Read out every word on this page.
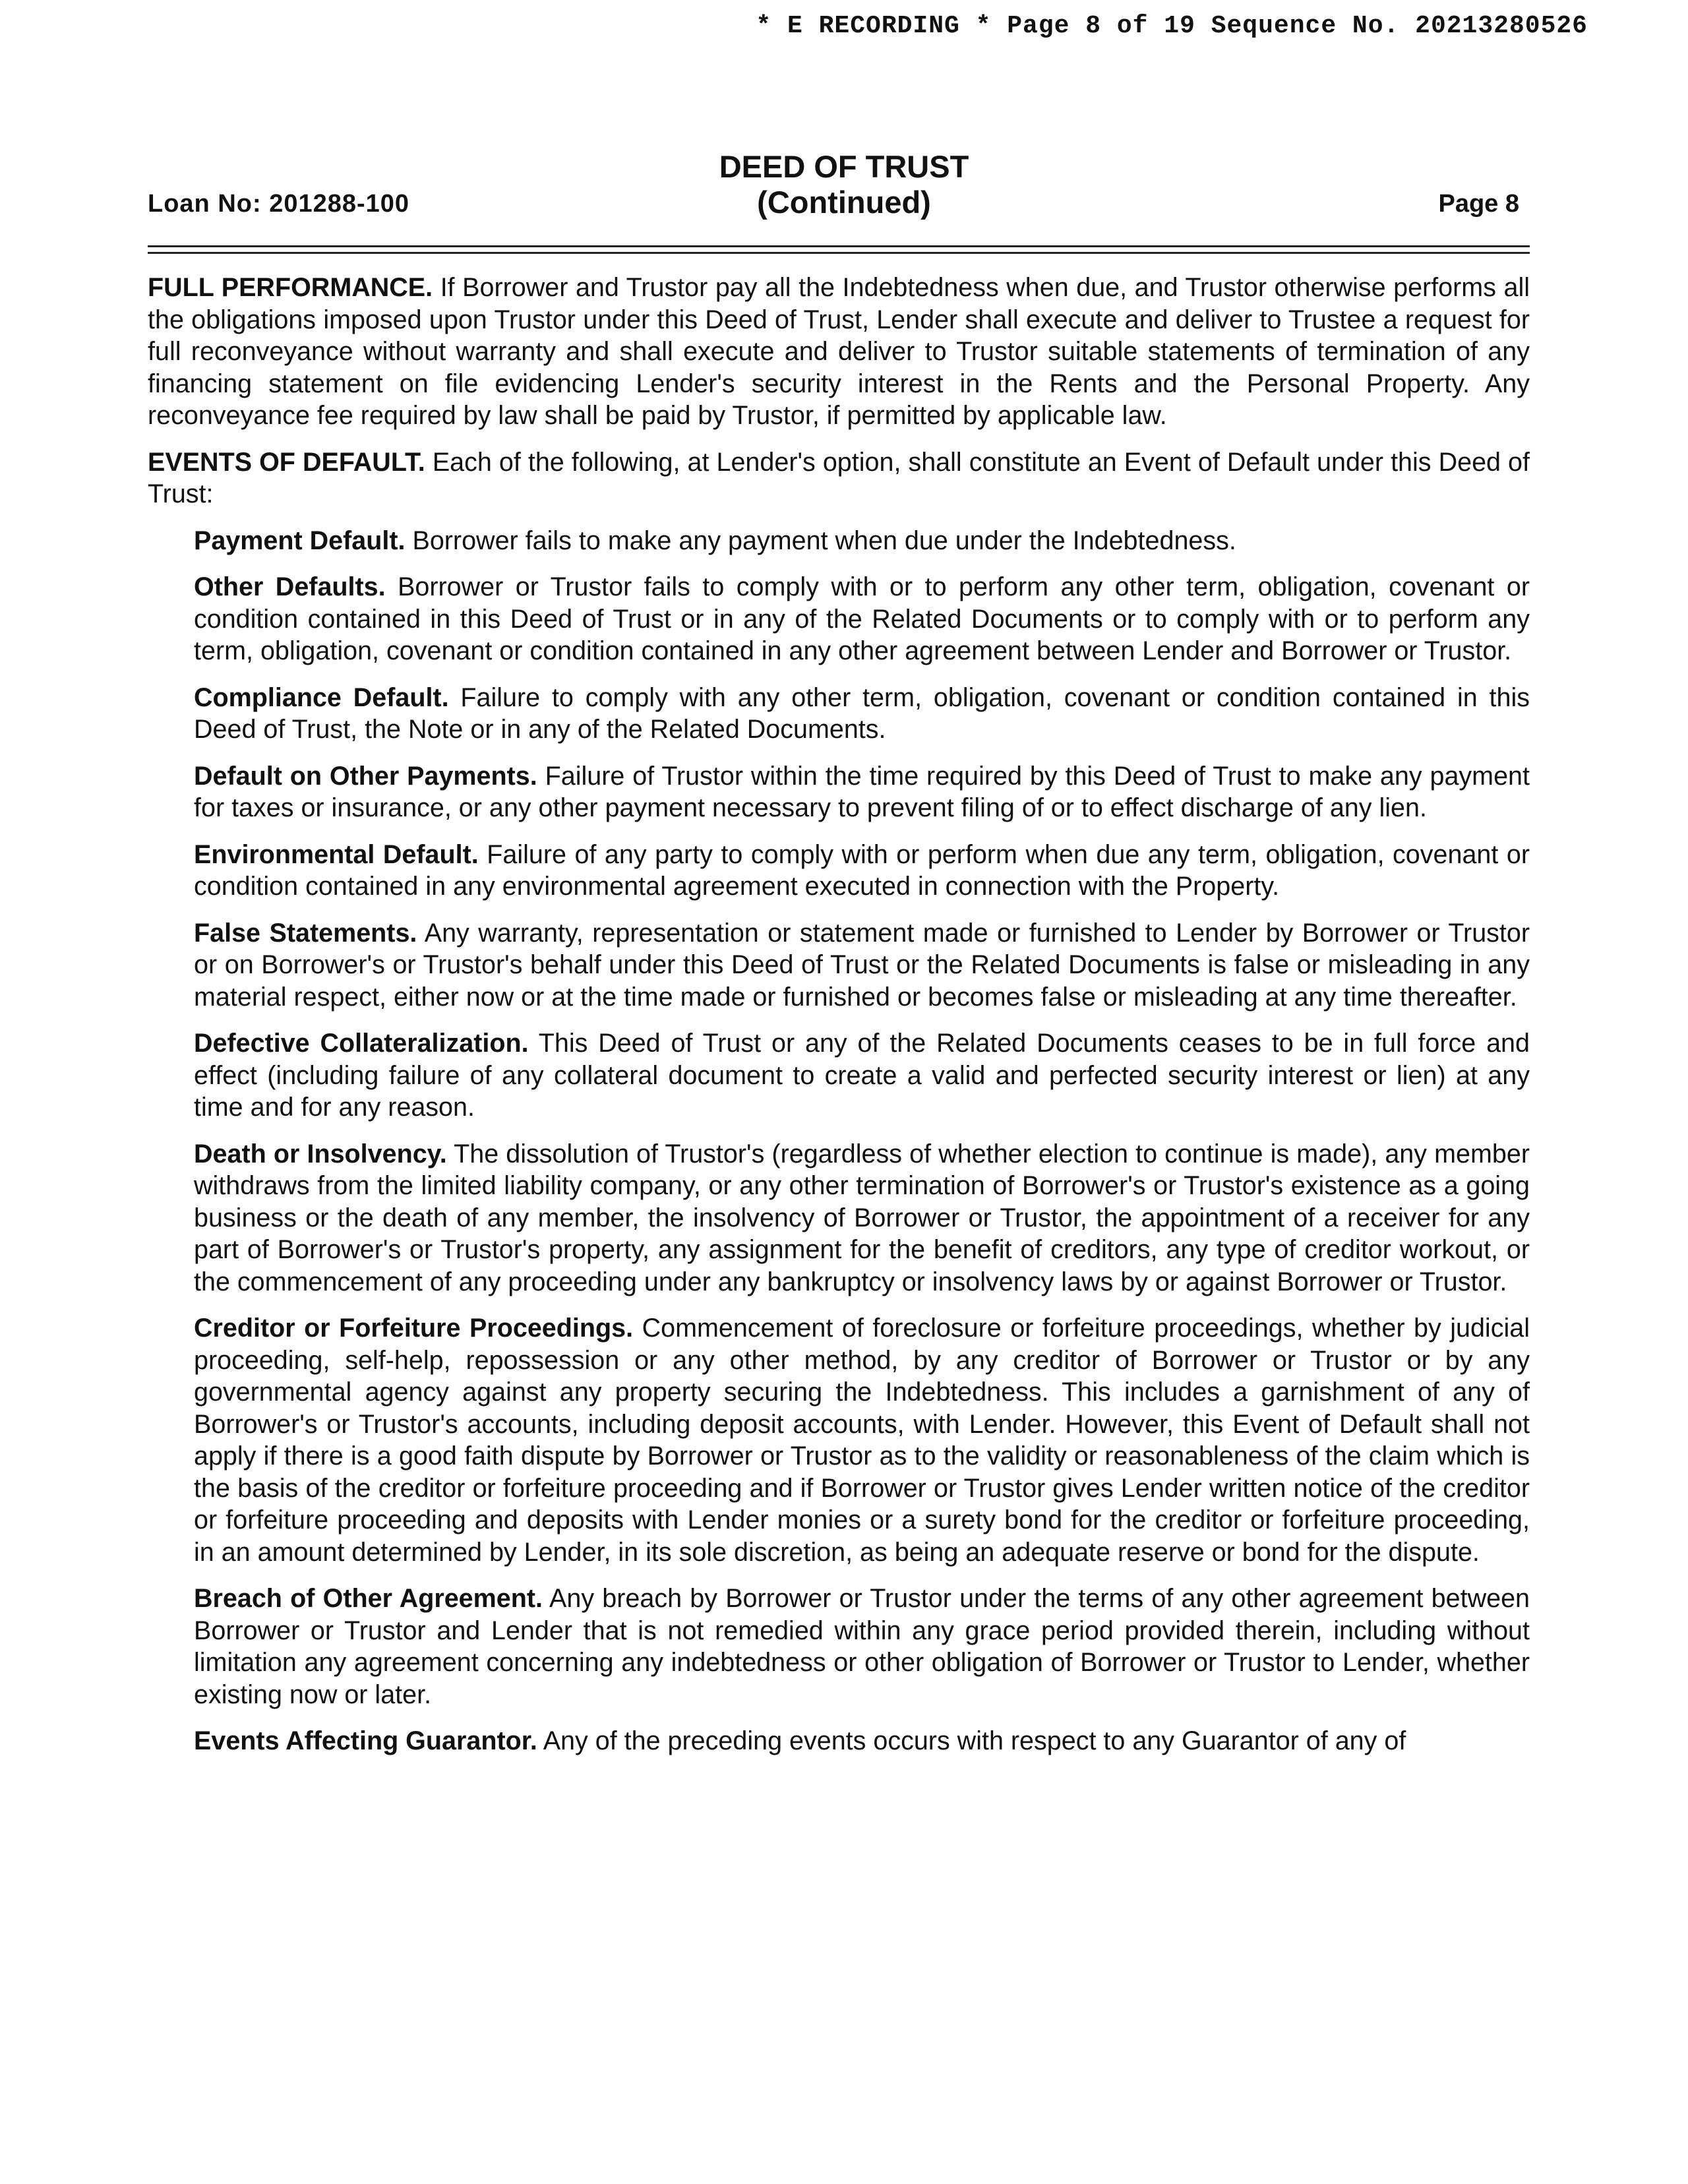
* E RECORDING * Page 8 of 19 Sequence No. 20213280526
DEED OF TRUST
(Continued)
Loan No: 201288-100	Page 8

FULL PERFORMANCE. If Borrower and Trustor pay all the Indebtedness when due, and Trustor otherwise performs all the obligations imposed upon Trustor under this Deed of Trust, Lender shall execute and deliver to Trustee a request for full reconveyance without warranty and shall execute and deliver to Trustor suitable statements of termination of any financing statement on file evidencing Lender's security interest in the Rents and the Personal Property. Any reconveyance fee required by law shall be paid by Trustor, if permitted by applicable law.

EVENTS OF DEFAULT. Each of the following, at Lender's option, shall constitute an Event of Default under this Deed of Trust:

Payment Default. Borrower fails to make any payment when due under the Indebtedness.

Other Defaults. Borrower or Trustor fails to comply with or to perform any other term, obligation, covenant or condition contained in this Deed of Trust or in any of the Related Documents or to comply with or to perform any term, obligation, covenant or condition contained in any other agreement between Lender and Borrower or Trustor.

Compliance Default. Failure to comply with any other term, obligation, covenant or condition contained in this Deed of Trust, the Note or in any of the Related Documents.

Default on Other Payments. Failure of Trustor within the time required by this Deed of Trust to make any payment for taxes or insurance, or any other payment necessary to prevent filing of or to effect discharge of any lien.

Environmental Default. Failure of any party to comply with or perform when due any term, obligation, covenant or condition contained in any environmental agreement executed in connection with the Property.

False Statements. Any warranty, representation or statement made or furnished to Lender by Borrower or Trustor or on Borrower's or Trustor's behalf under this Deed of Trust or the Related Documents is false or misleading in any material respect, either now or at the time made or furnished or becomes false or misleading at any time thereafter.

Defective Collateralization. This Deed of Trust or any of the Related Documents ceases to be in full force and effect (including failure of any collateral document to create a valid and perfected security interest or lien) at any time and for any reason.

Death or Insolvency. The dissolution of Trustor's (regardless of whether election to continue is made), any member withdraws from the limited liability company, or any other termination of Borrower's or Trustor's existence as a going business or the death of any member, the insolvency of Borrower or Trustor, the appointment of a receiver for any part of Borrower's or Trustor's property, any assignment for the benefit of creditors, any type of creditor workout, or the commencement of any proceeding under any bankruptcy or insolvency laws by or against Borrower or Trustor.

Creditor or Forfeiture Proceedings. Commencement of foreclosure or forfeiture proceedings, whether by judicial proceeding, self-help, repossession or any other method, by any creditor of Borrower or Trustor or by any governmental agency against any property securing the Indebtedness. This includes a garnishment of any of Borrower's or Trustor's accounts, including deposit accounts, with Lender. However, this Event of Default shall not apply if there is a good faith dispute by Borrower or Trustor as to the validity or reasonableness of the claim which is the basis of the creditor or forfeiture proceeding and if Borrower or Trustor gives Lender written notice of the creditor or forfeiture proceeding and deposits with Lender monies or a surety bond for the creditor or forfeiture proceeding, in an amount determined by Lender, in its sole discretion, as being an adequate reserve or bond for the dispute.

Breach of Other Agreement. Any breach by Borrower or Trustor under the terms of any other agreement between Borrower or Trustor and Lender that is not remedied within any grace period provided therein, including without limitation any agreement concerning any indebtedness or other obligation of Borrower or Trustor to Lender, whether existing now or later.

Events Affecting Guarantor. Any of the preceding events occurs with respect to any Guarantor of any of
